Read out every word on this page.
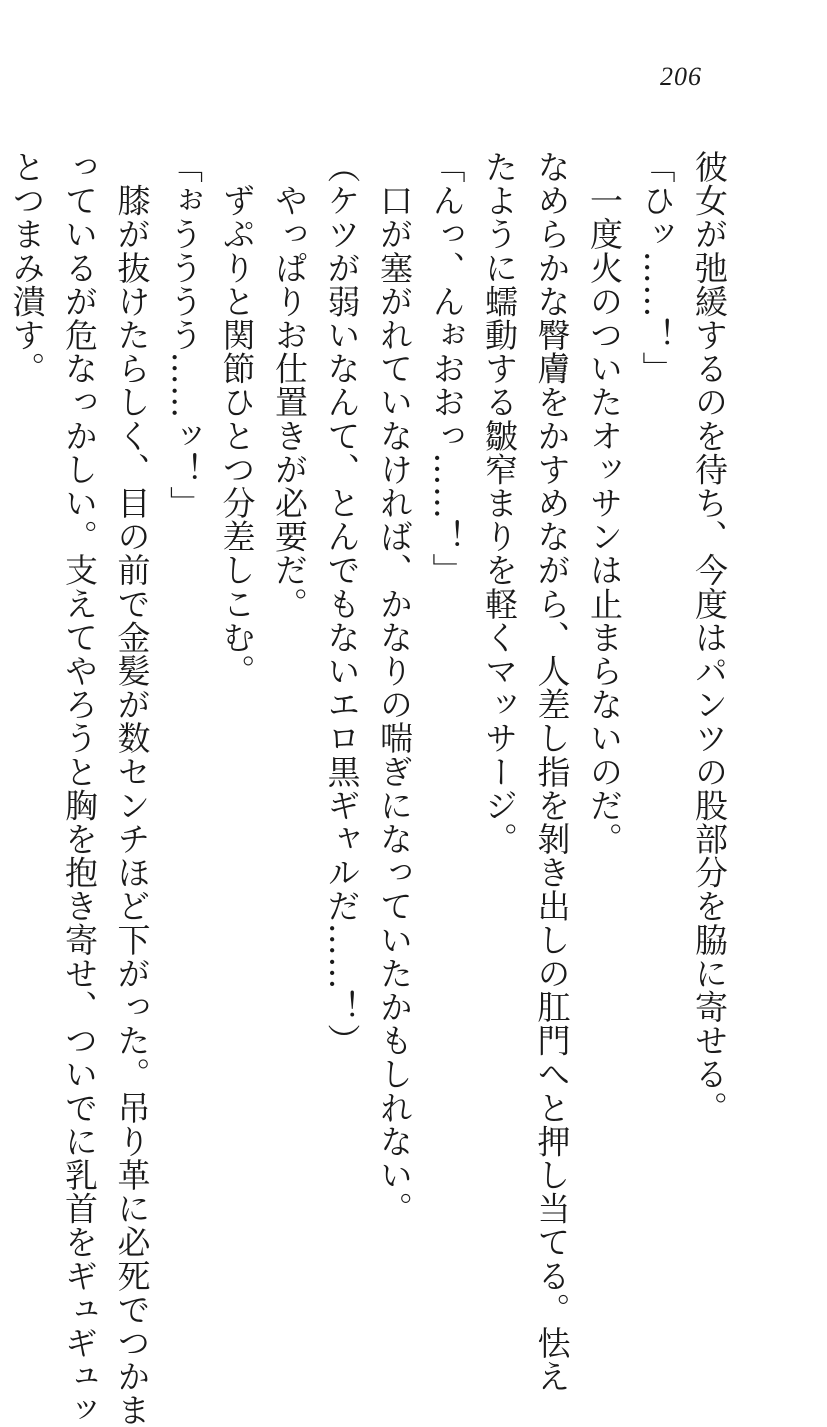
206

彼女が弛緩するのを待ち、今度はパンツの股部分を脇に寄せる。

「ひッ……！」

　一度火のついたオッサンは止まらないのだ。

なめらかな臀膚をかすめながら、人差し指を剝き出しの肛門へと押し当てる。怯え

たように蠕動する皺窄まりを軽くマッサージ。

「んっ、んぉおおっ……！」

　口が塞がれていなければ、かなりの喘ぎになっていたかもしれない。

（ケツが弱いなんて、とんでもないエロ黒ギャルだ……！）

　やっぱりお仕置きが必要だ。

　ずぷりと関節ひとつ分差しこむ。

「ぉうううう……ッ！」

　膝が抜けたらしく、目の前で金髪が数センチほど下がった。吊り革に必死でつかま

っているが危なっかしい。支えてやろうと胸を抱き寄せ、ついでに乳首をギュギュッ

とつまみ潰す。
